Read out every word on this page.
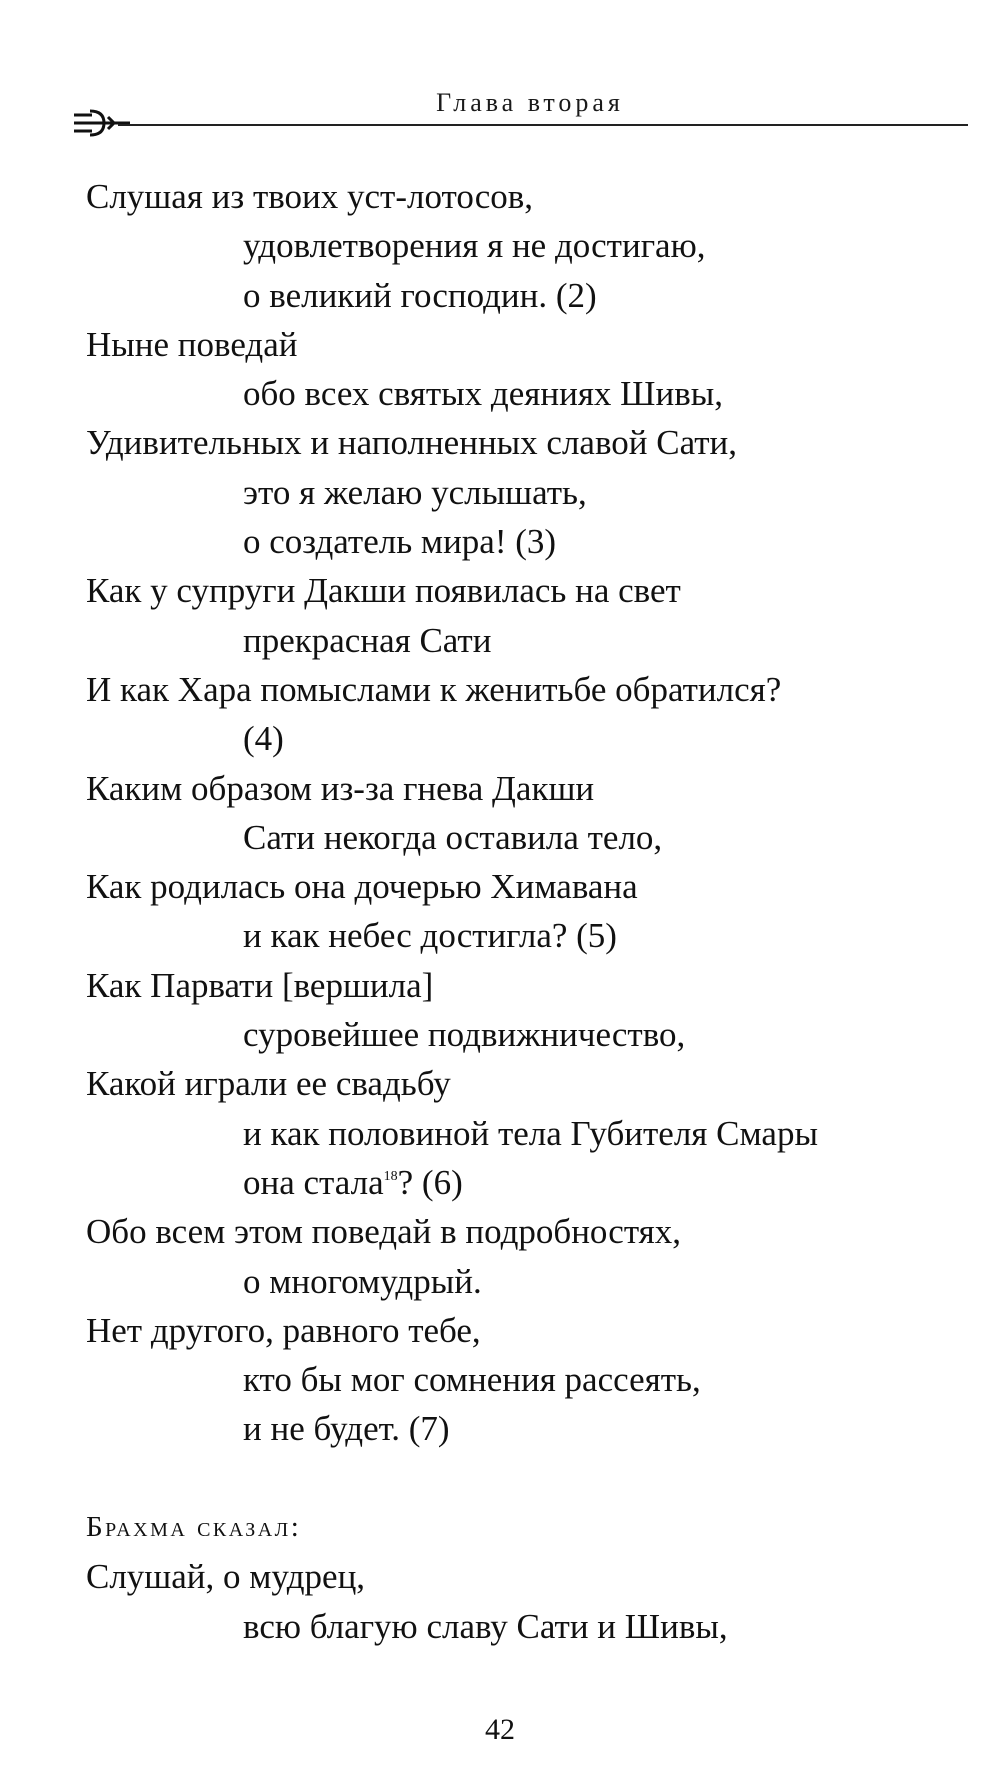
Глава вторая
Слушая из твоих уст-лотосов,
удовлетворения я не достигаю,
о великий господин. (2)
Ныне поведай
обо всех святых деяниях Шивы,
Удивительных и наполненных славой Сати,
это я желаю услышать,
о создатель мира! (3)
Как у супруги Дакши появилась на свет
прекрасная Сати
И как Хара помыслами к женитьбе обратился?
(4)
Каким образом из-за гнева Дакши
Сати некогда оставила тело,
Как родилась она дочерью Химавана
и как небес достигла? (5)
Как Парвати [вершила]
суровейшее подвижничество,
Какой играли ее свадьбу
и как половиной тела Губителя Смары
она стала$^{18}$? (6)
Обо всем этом поведай в подробностях,
о многомудрый.
Нет другого, равного тебе,
кто бы мог сомнения рассеять,
и не будет. (7)
Брахма сказал:
Слушай, о мудрец,
всю благую славу Сати и Шивы,
42
